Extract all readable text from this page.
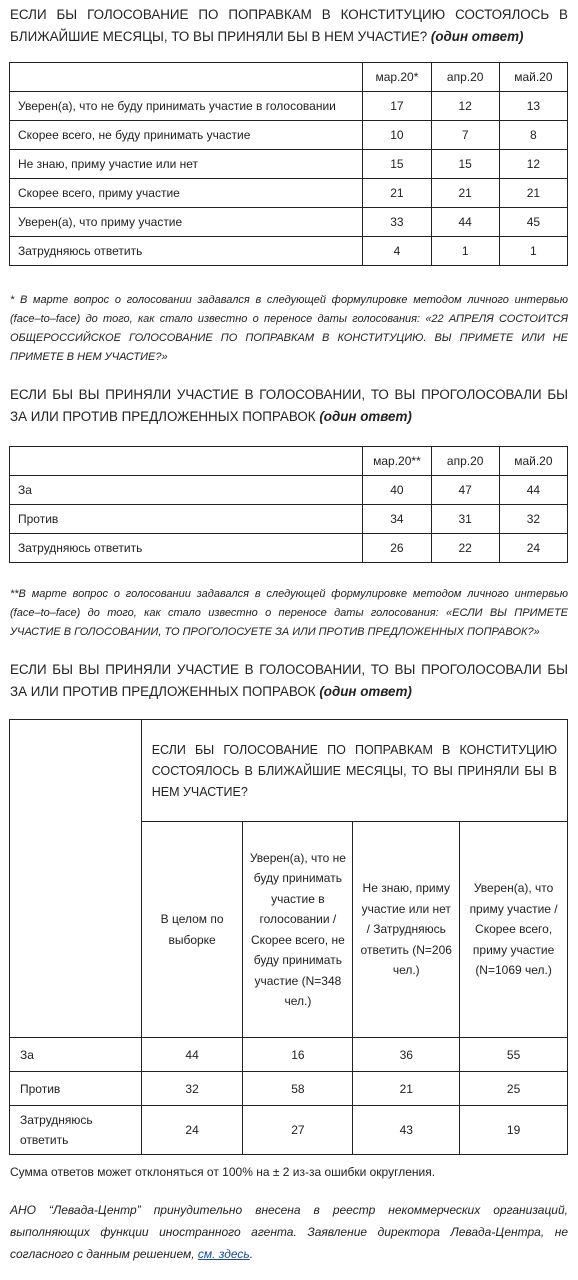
ЕСЛИ БЫ ГОЛОСОВАНИЕ ПО ПОПРАВКАМ В КОНСТИТУЦИЮ СОСТОЯЛОСЬ В БЛИЖАЙШИЕ МЕСЯЦЫ, ТО ВЫ ПРИНЯЛИ БЫ В НЕМ УЧАСТИЕ? (один ответ)
	мар.20*	апр.20	май.20
Уверен(а), что не буду принимать участие в голосовании	17	12	13
Скорее всего, не буду принимать участие	10	7	8
Не знаю, приму участие или нет	15	15	12
Скорее всего, приму участие	21	21	21
Уверен(а), что приму участие	33	44	45
Затрудняюсь ответить	4	1	1
* В марте вопрос о голосовании задавался в следующей формулировке методом личного интервью (face–to–face) до того, как стало известно о переносе даты голосования: «22 АПРЕЛЯ СОСТОИТСЯ ОБЩЕРОССИЙСКОЕ ГОЛОСОВАНИЕ ПО ПОПРАВКАМ В КОНСТИТУЦИЮ. ВЫ ПРИМЕТЕ ИЛИ НЕ ПРИМЕТЕ В НЕМ УЧАСТИЕ?»
ЕСЛИ БЫ ВЫ ПРИНЯЛИ УЧАСТИЕ В ГОЛОСОВАНИИ, ТО ВЫ ПРОГОЛОСОВАЛИ БЫ ЗА ИЛИ ПРОТИВ ПРЕДЛОЖЕННЫХ ПОПРАВОК (один ответ)
	мар.20**	апр.20	май.20
За	40	47	44
Против	34	31	32
Затрудняюсь ответить	26	22	24
**В марте вопрос о голосовании задавался в следующей формулировке методом личного интервью (face–to–face) до того, как стало известно о переносе даты голосования: «ЕСЛИ ВЫ ПРИМЕТЕ УЧАСТИЕ В ГОЛОСОВАНИИ, ТО ПРОГОЛОСУЕТЕ ЗА ИЛИ ПРОТИВ ПРЕДЛОЖЕННЫХ ПОПРАВОК?»
ЕСЛИ БЫ ВЫ ПРИНЯЛИ УЧАСТИЕ В ГОЛОСОВАНИИ, ТО ВЫ ПРОГОЛОСОВАЛИ БЫ ЗА ИЛИ ПРОТИВ ПРЕДЛОЖЕННЫХ ПОПРАВОК (один ответ)
	ЕСЛИ БЫ ГОЛОСОВАНИЕ ПО ПОПРАВКАМ В КОНСТИТУЦИЮ СОСТОЯЛОСЬ В БЛИЖАЙШИЕ МЕСЯЦЫ, ТО ВЫ ПРИНЯЛИ БЫ В НЕМ УЧАСТИЕ?			
	В целом по выборке	Уверен(а), что не буду принимать участие в голосовании / Скорее всего, не буду принимать участие (N=348 чел.)	Не знаю, приму участие или нет / Затрудняюсь ответить (N=206 чел.)	Уверен(а), что приму участие / Скорее всего, приму участие (N=1069 чел.)
За	44	16	36	55
Против	32	58	21	25
Затрудняюсь ответить	24	27	43	19
Сумма ответов может отклоняться от 100% на ± 2 из-за ошибки округления.
АНО “Левада-Центр” принудительно внесена в реестр некоммерческих организаций, выполняющих функции иностранного агента. Заявление директора Левада-Центра, не согласного с данным решением, см. здесь.
